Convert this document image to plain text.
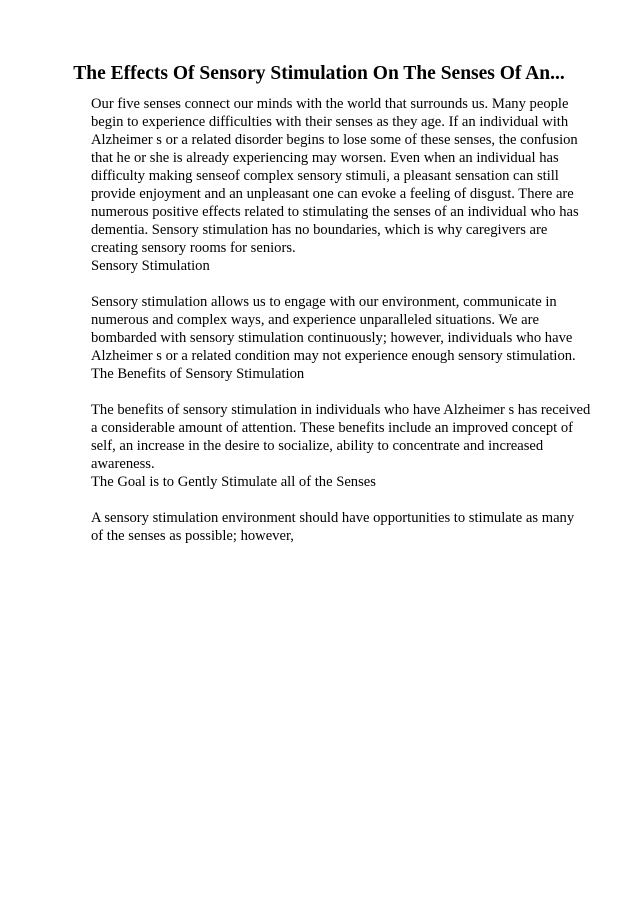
The Effects Of Sensory Stimulation On The Senses Of An...
Our five senses connect our minds with the world that surrounds us. Many people
begin to experience difficulties with their senses as they age. If an individual with
Alzheimer s or a related disorder begins to lose some of these senses, the confusion
that he or she is already experiencing may worsen. Even when an individual has
difficulty making senseof complex sensory stimuli, a pleasant sensation can still
provide enjoyment and an unpleasant one can evoke a feeling of disgust. There are
numerous positive effects related to stimulating the senses of an individual who has
dementia. Sensory stimulation has no boundaries, which is why caregivers are
creating sensory rooms for seniors.
Sensory Stimulation
Sensory stimulation allows us to engage with our environment, communicate in
numerous and complex ways, and experience unparalleled situations. We are
bombarded with sensory stimulation continuously; however, individuals who have
Alzheimer s or a related condition may not experience enough sensory stimulation.
The Benefits of Sensory Stimulation
The benefits of sensory stimulation in individuals who have Alzheimer s has received
a considerable amount of attention. These benefits include an improved concept of
self, an increase in the desire to socialize, ability to concentrate and increased
awareness.
The Goal is to Gently Stimulate all of the Senses
A sensory stimulation environment should have opportunities to stimulate as many
of the senses as possible; however,
